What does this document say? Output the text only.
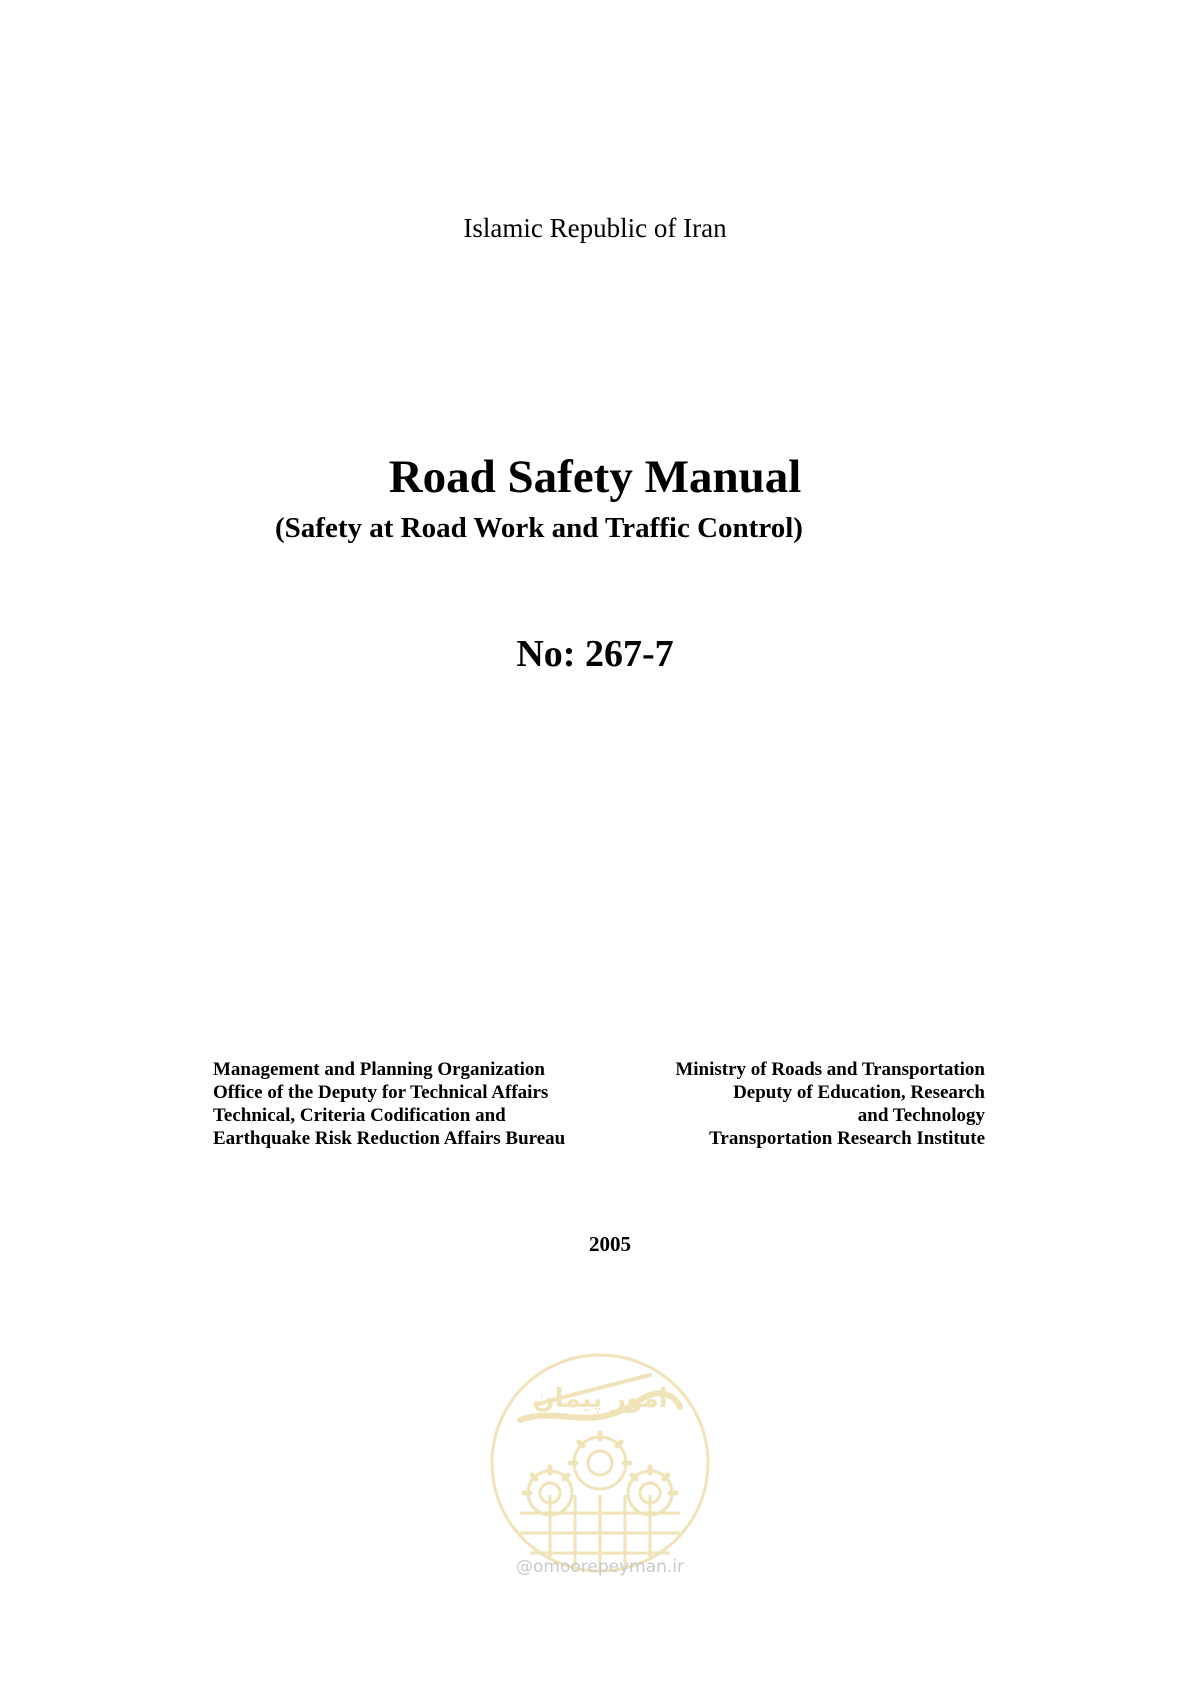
Islamic Republic of Iran
Road Safety Manual
(Safety at Road Work and Traffic Control)
No: 267-7
Management and Planning Organization
Office of the Deputy for Technical Affairs
Technical, Criteria Codification and
Earthquake Risk Reduction Affairs Bureau
Ministry of Roads and Transportation
Deputy of Education, Research
and Technology
Transportation Research Institute
2005
امور پیمان
@omoorepeyman.ir
